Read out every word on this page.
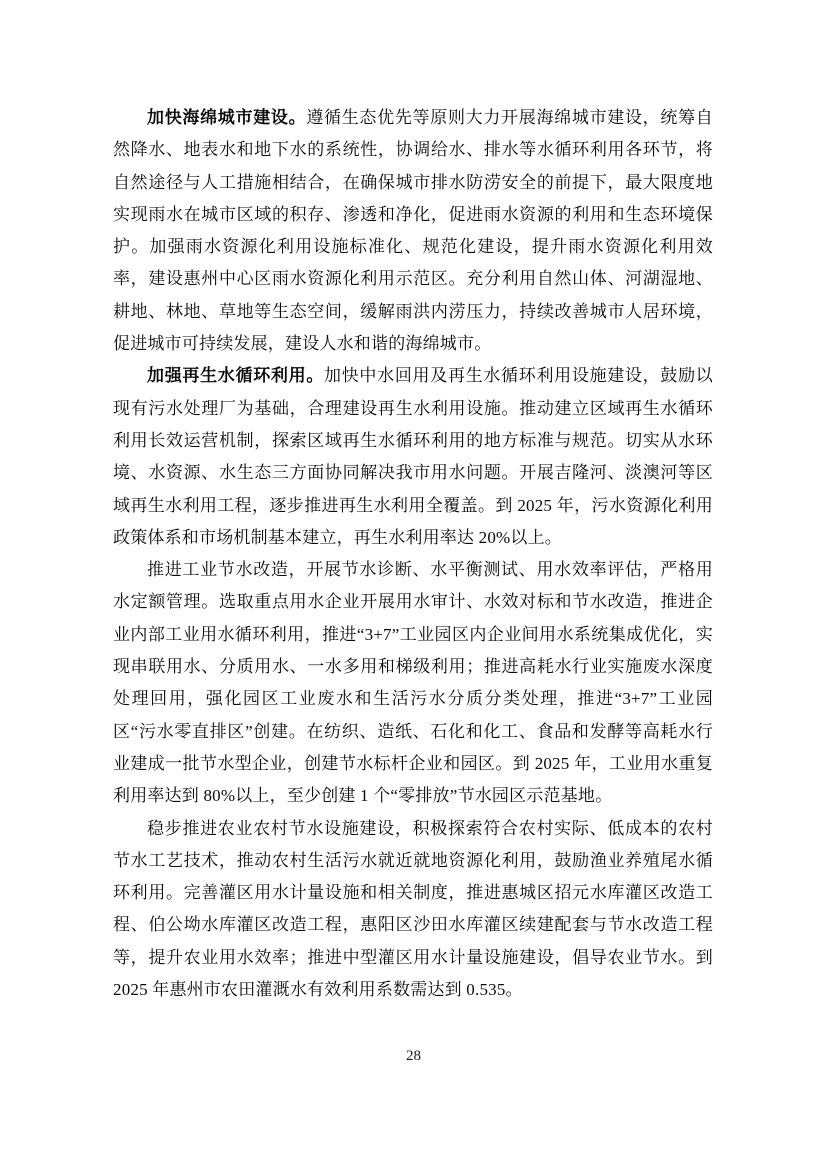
加快海绵城市建设。遵循生态优先等原则大力开展海绵城市建设，统筹自然降水、地表水和地下水的系统性，协调给水、排水等水循环利用各环节，将自然途径与人工措施相结合，在确保城市排水防涝安全的前提下，最大限度地实现雨水在城市区域的积存、渗透和净化，促进雨水资源的利用和生态环境保护。加强雨水资源化利用设施标准化、规范化建设，提升雨水资源化利用效率，建设惠州中心区雨水资源化利用示范区。充分利用自然山体、河湖湿地、耕地、林地、草地等生态空间，缓解雨洪内涝压力，持续改善城市人居环境，促进城市可持续发展，建设人水和谐的海绵城市。

加强再生水循环利用。加快中水回用及再生水循环利用设施建设，鼓励以现有污水处理厂为基础，合理建设再生水利用设施。推动建立区域再生水循环利用长效运营机制，探索区域再生水循环利用的地方标准与规范。切实从水环境、水资源、水生态三方面协同解决我市用水问题。开展吉隆河、淡澳河等区域再生水利用工程，逐步推进再生水利用全覆盖。到 2025 年，污水资源化利用政策体系和市场机制基本建立，再生水利用率达 20%以上。

推进工业节水改造，开展节水诊断、水平衡测试、用水效率评估，严格用水定额管理。选取重点用水企业开展用水审计、水效对标和节水改造，推进企业内部工业用水循环利用，推进“3+7”工业园区内企业间用水系统集成优化，实现串联用水、分质用水、一水多用和梯级利用；推进高耗水行业实施废水深度处理回用，强化园区工业废水和生活污水分质分类处理，推进“3+7”工业园区“污水零直排区”创建。在纺织、造纸、石化和化工、食品和发酵等高耗水行业建成一批节水型企业，创建节水标杆企业和园区。到 2025 年，工业用水重复利用率达到 80%以上，至少创建 1 个“零排放”节水园区示范基地。

稳步推进农业农村节水设施建设，积极探索符合农村实际、低成本的农村节水工艺技术，推动农村生活污水就近就地资源化利用，鼓励渔业养殖尾水循环利用。完善灌区用水计量设施和相关制度，推进惠城区招元水库灌区改造工程、伯公坳水库灌区改造工程，惠阳区沙田水库灌区续建配套与节水改造工程等，提升农业用水效率；推进中型灌区用水计量设施建设，倡导农业节水。到 2025 年惠州市农田灌溉水有效利用系数需达到 0.535。

28
